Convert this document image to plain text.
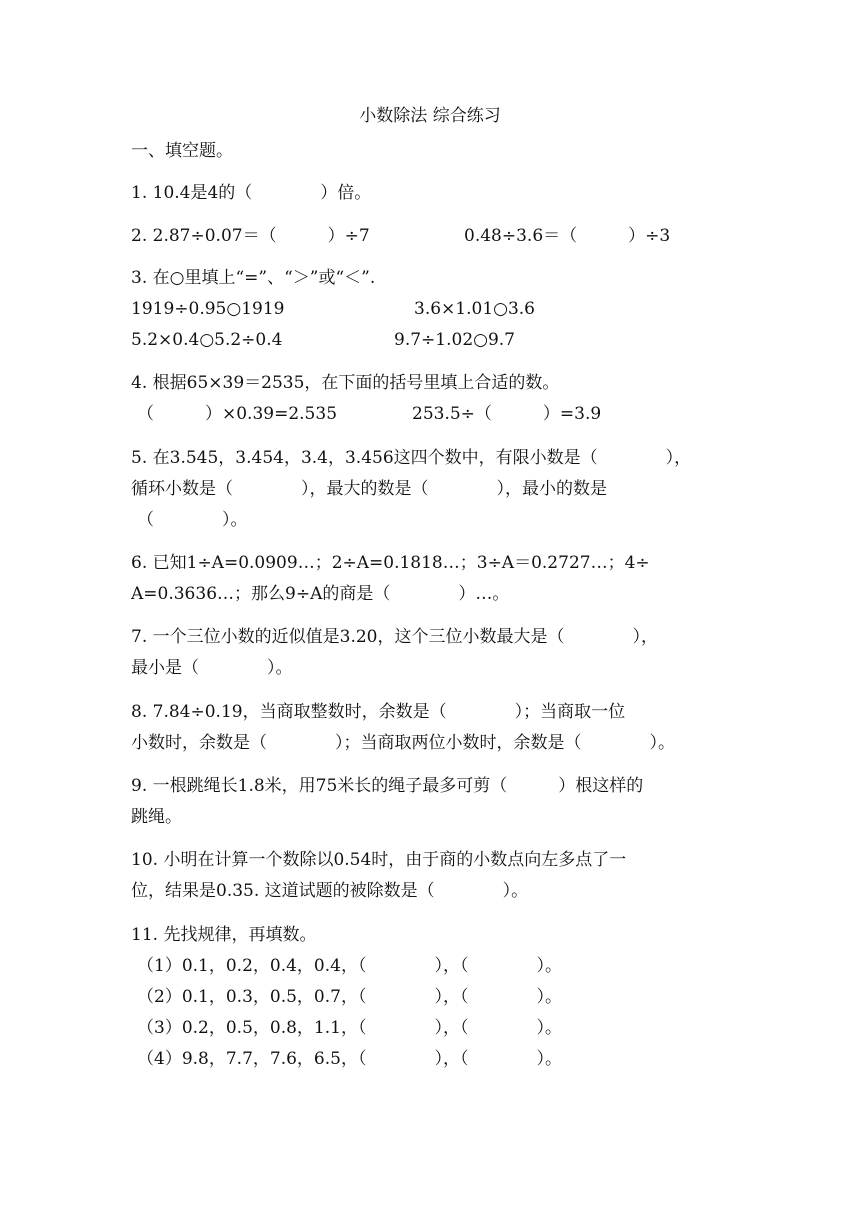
小数除法 综合练习
一、填空题。
1. 10.4是4的（　　　　）倍。
2. 2.87÷0.07＝（　　　）÷7	0.48÷3.6＝（　　　）÷3
3. 在○里填上“=”、“＞”或“＜”.
1919÷0.95○1919	3.6×1.01○3.6
5.2×0.4○5.2÷0.4	9.7÷1.02○9.7
4. 根据65×39＝2535，在下面的括号里填上合适的数。
（　　　）×0.39=2.535	253.5÷（　　　）=3.9
5. 在3.545，3.454，3.4，3.456这四个数中，有限小数是（　　　　），
循环小数是（　　　　），最大的数是（　　　　），最小的数是
（　　　　）。
6. 已知1÷A=0.0909…；2÷A=0.1818…；3÷A＝0.2727…；4÷
A=0.3636…；那么9÷A的商是（　　　　）…。
7. 一个三位小数的近似值是3.20，这个三位小数最大是（　　　　），
最小是（　　　　）。
8. 7.84÷0.19，当商取整数时，余数是（　　　　）；当商取一位
小数时，余数是（　　　　）；当商取两位小数时，余数是（　　　　）。
9. 一根跳绳长1.8米，用75米长的绳子最多可剪（　　　）根这样的
跳绳。
10. 小明在计算一个数除以0.54时，由于商的小数点向左多点了一
位，结果是0.35. 这道试题的被除数是（　　　　）。
11. 先找规律，再填数。
（1）0.1，0.2，0.4，0.4，（　　　　），（　　　　）。
（2）0.1，0.3，0.5，0.7，（　　　　），（　　　　）。
（3）0.2，0.5，0.8，1.1，（　　　　），（　　　　）。
（4）9.8，7.7，7.6，6.5，（　　　　），（　　　　）。
